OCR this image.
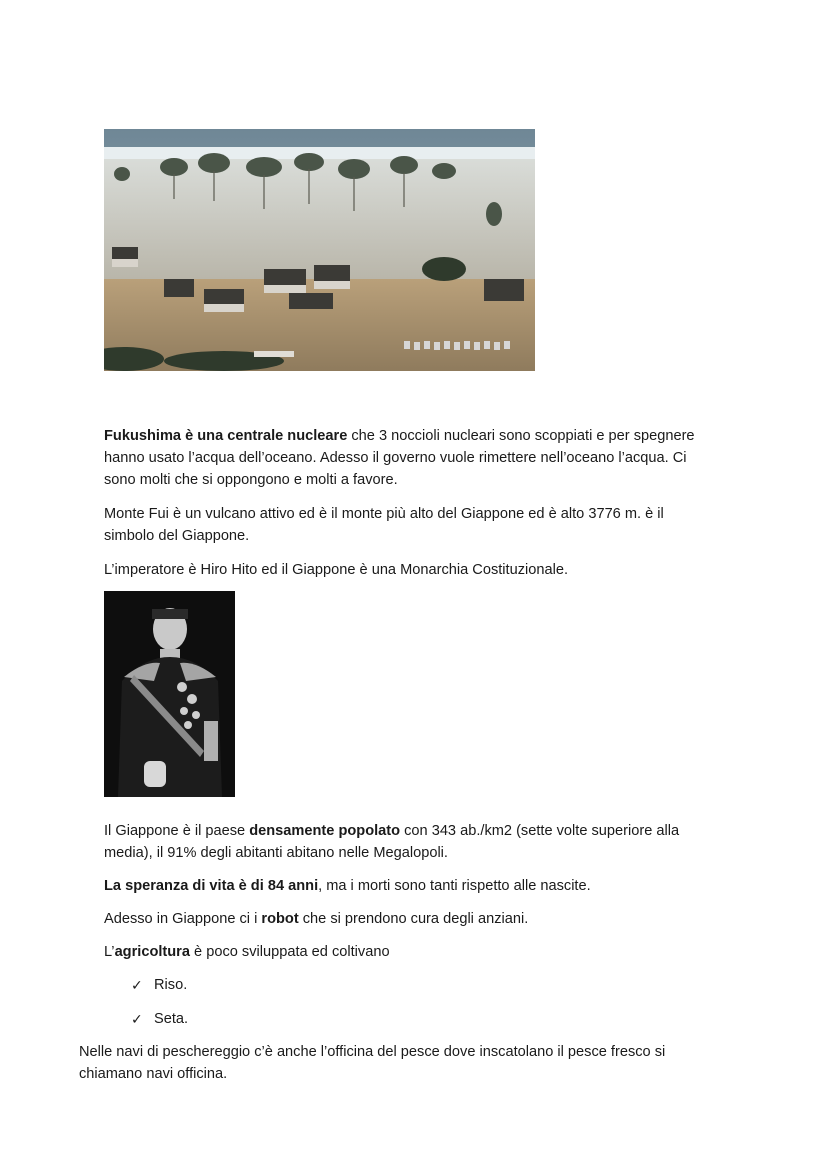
Fukushima è una centrale nucleare che 3 noccioli nucleari sono scoppiati e per spegnere

hanno usato l’acqua dell’oceano. Adesso il governo vuole rimettere nell’oceano l’acqua. Ci

sono molti che si oppongono e molti a favore.

Monte Fui è un vulcano attivo ed è il monte più alto del Giappone ed è alto 3776 m. è il

simbolo del Giappone.

L’imperatore è Hiro Hito ed il Giappone è una Monarchia Costituzionale.

Il Giappone è il paese densamente popolato con 343 ab./km2 (sette volte superiore alla

media), il 91% degli abitanti abitano nelle Megalopoli.

La speranza di vita è di 84 anni, ma i morti sono tanti rispetto alle nascite.

Adesso in Giappone ci i robot che si prendono cura degli anziani.

L’agricoltura è poco sviluppata ed coltivano

✓ Riso.
✓ Seta.

Nelle navi di peschereggio c’è anche l’officina del pesce dove inscatolano il pesce fresco si

chiamano navi officina.
